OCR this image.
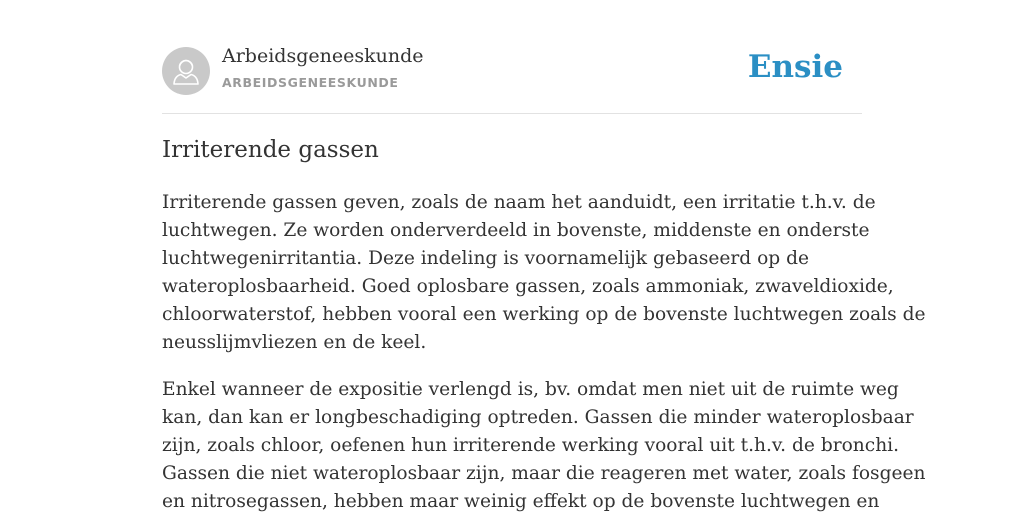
Arbeidsgeneeskunde
ARBEIDSGENEESKUNDE	Ensie
Irriterende gassen

Irriterende gassen geven, zoals de naam het aanduidt, een irritatie t.h.v. de
luchtwegen. Ze worden onderverdeeld in bovenste, middenste en onderste
luchtwegenirritantia. Deze indeling is voornamelijk gebaseerd op de
wateroplosbaarheid. Goed oplosbare gassen, zoals ammoniak, zwaveldioxide,
chloorwaterstof, hebben vooral een werking op de bovenste luchtwegen zoals de
neusslijmvliezen en de keel.

Enkel wanneer de expositie verlengd is, bv. omdat men niet uit de ruimte weg
kan, dan kan er longbeschadiging optreden. Gassen die minder wateroplosbaar
zijn, zoals chloor, oefenen hun irriterende werking vooral uit t.h.v. de bronchi.
Gassen die niet wateroplosbaar zijn, maar die reageren met water, zoals fosgeen
en nitrosegassen, hebben maar weinig effekt op de bovenste luchtwegen en
